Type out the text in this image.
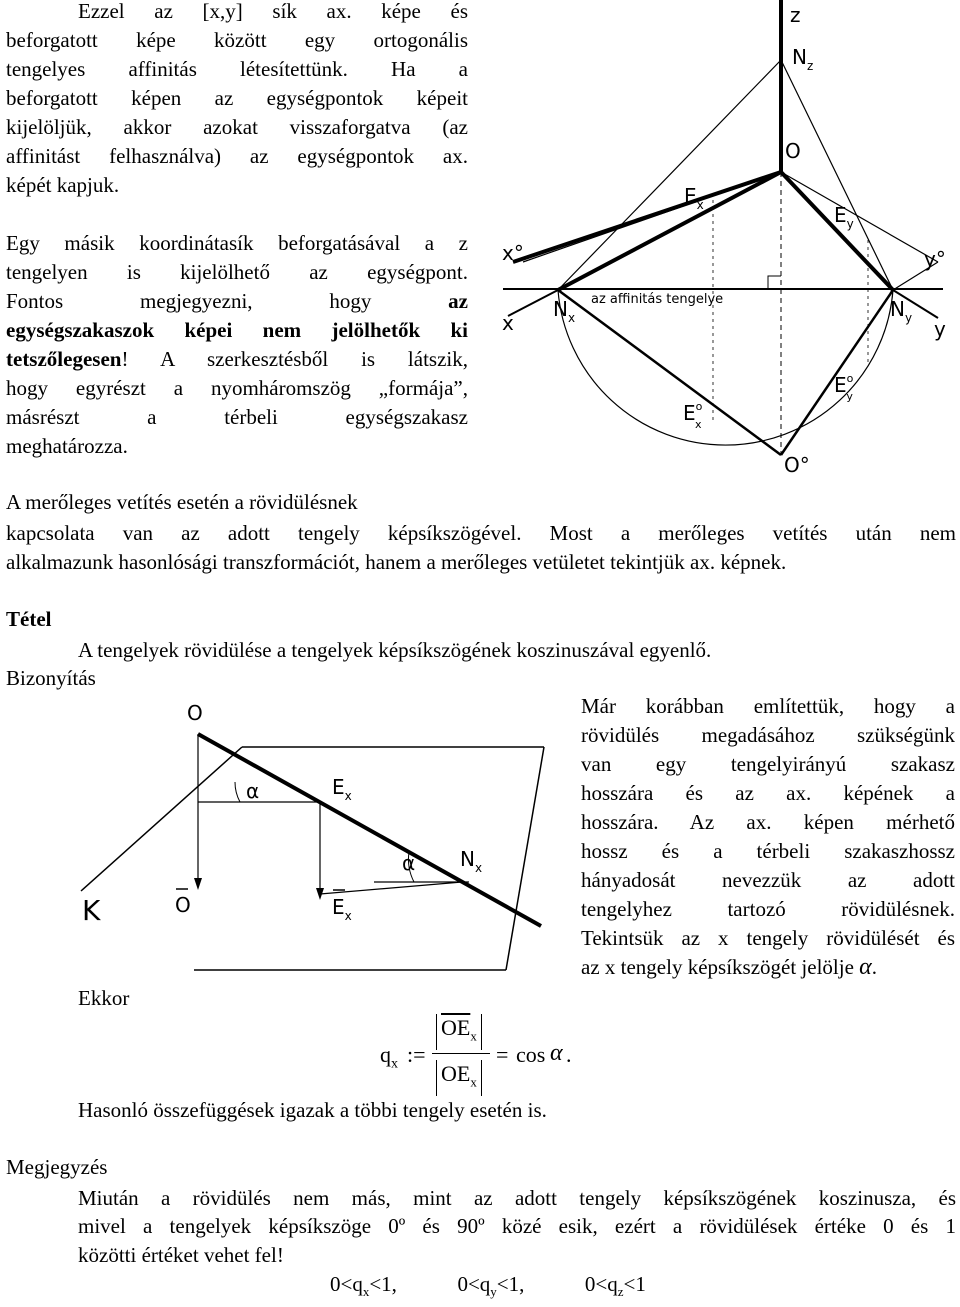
Ezzel az [x,y] sík ax. képe és
beforgatott képe között egy ortogonális
tengelyes affinitás létesítettünk. Ha a
beforgatott képen az egységpontok képeit
kijelöljük, akkor azokat visszaforgatva (az
affinitást felhasználva) az egységpontok ax.
képét kapjuk.
Egy másik koordinátasík beforgatásával a z
tengelyen is kijelölhető az egységpont.
Fontos megjegyezni, hogy az
egységszakaszok képei nem jelölhetők ki
tetszőlegesen! A szerkesztésből is látszik,
hogy egyrészt a nyomháromszög „formája”,
másrészt a térbeli egységszakasz
meghatározza.
z
$N_z$
O
$E_x$	$E_y$
x°	y°
x	y
$N_x$	$N_y$
az affinitás tengelye
$E^o$ y
$E^o$ x
O°

A merőleges vetítés esetén a rövidülésnek

kapcsolata van az adott tengely képsíkszögével. Most a merőleges vetítés után nem

alkalmazunk hasonlósági transzformációt, hanem a merőleges vetületet tekintjük ax. képnek.

Tétel

A tengelyek rövidülése a tengelyek képsíkszögének koszinuszával egyenlő.

Bizonyítás

O
α	$E_x$
α $N_x$
K	O	$E_x$
Már korábban említettük, hogy a
rövidülés megadásához szükségünk
van egy tengelyirányú szakasz
hosszára és az ax. képének a
hosszára. Az ax. képen mérhető
hossz és a térbeli szakaszhossz
hányadosát nevezzük az adott
tengelyhez tartozó rövidülésnek.
Tekintsük az x tengely rövidülését és
az x tengely képsíkszögét jelölje α.

Ekkor

$q_x$ :=
$\overline{OE}_x$
$OE_x$
= cos α .

Hasonló összefüggések igazak a többi tengely esetén is.

Megjegyzés

Miután a rövidülés nem más, mint az adott tengely képsíkszögének koszinusza, és

mivel a tengelyek képsíkszöge 0º és 90º közé esik, ezért a rövidülések értéke 0 és 1

közötti értéket vehet fel!

$0<q_x<1$,	$0<q_y<1$,	$0<q_z<1$
